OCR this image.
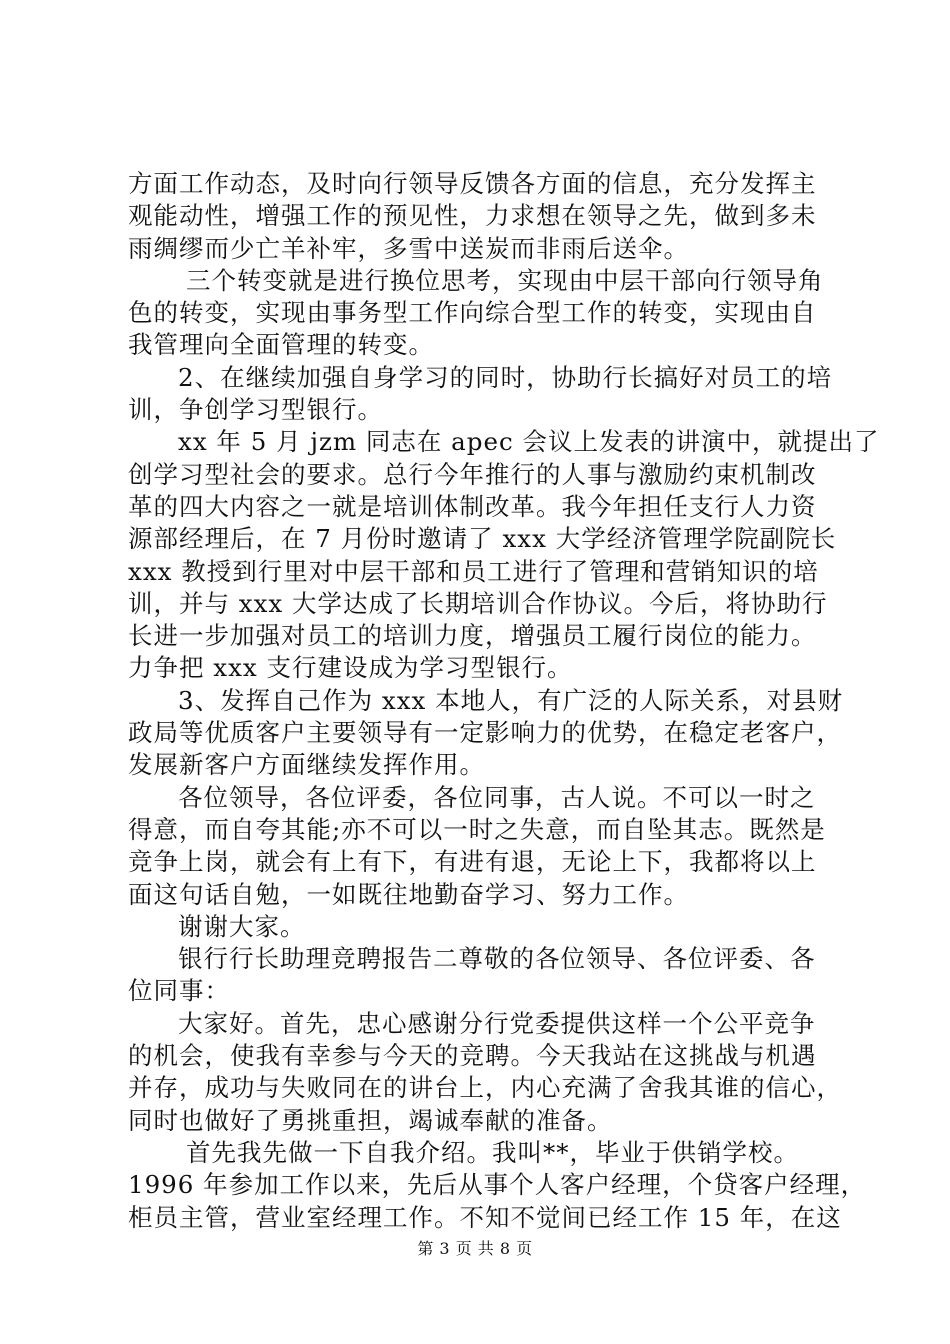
方面工作动态，及时向行领导反馈各方面的信息，充分发挥主
观能动性，增强工作的预见性，力求想在领导之先，做到多未
雨绸缪而少亡羊补牢，多雪中送炭而非雨后送伞。
三个转变就是进行换位思考，实现由中层干部向行领导角
色的转变，实现由事务型工作向综合型工作的转变，实现由自
我管理向全面管理的转变。
2、在继续加强自身学习的同时，协助行长搞好对员工的培
训，争创学习型银行。
xx 年 5 月 jzm 同志在 apec 会议上发表的讲演中，就提出了
创学习型社会的要求。总行今年推行的人事与激励约束机制改
革的四大内容之一就是培训体制改革。我今年担任支行人力资
源部经理后，在 7 月份时邀请了 xxx 大学经济管理学院副院长
xxx 教授到行里对中层干部和员工进行了管理和营销知识的培
训，并与 xxx 大学达成了长期培训合作协议。今后，将协助行
长进一步加强对员工的培训力度，增强员工履行岗位的能力。
力争把 xxx 支行建设成为学习型银行。
3、发挥自己作为 xxx 本地人，有广泛的人际关系，对县财
政局等优质客户主要领导有一定影响力的优势，在稳定老客户，
发展新客户方面继续发挥作用。
各位领导，各位评委，各位同事，古人说。不可以一时之
得意，而自夸其能;亦不可以一时之失意，而自坠其志。既然是
竞争上岗，就会有上有下，有进有退，无论上下，我都将以上
面这句话自勉，一如既往地勤奋学习、努力工作。
谢谢大家。
银行行长助理竞聘报告二尊敬的各位领导、各位评委、各
位同事：
大家好。首先，忠心感谢分行党委提供这样一个公平竞争
的机会，使我有幸参与今天的竞聘。今天我站在这挑战与机遇
并存，成功与失败同在的讲台上，内心充满了舍我其谁的信心，
同时也做好了勇挑重担，竭诚奉献的准备。
首先我先做一下自我介绍。我叫**，毕业于供销学校。
1996 年参加工作以来，先后从事个人客户经理，个贷客户经理，
柜员主管，营业室经理工作。不知不觉间已经工作 15 年，在这
第 3 页 共 8 页
